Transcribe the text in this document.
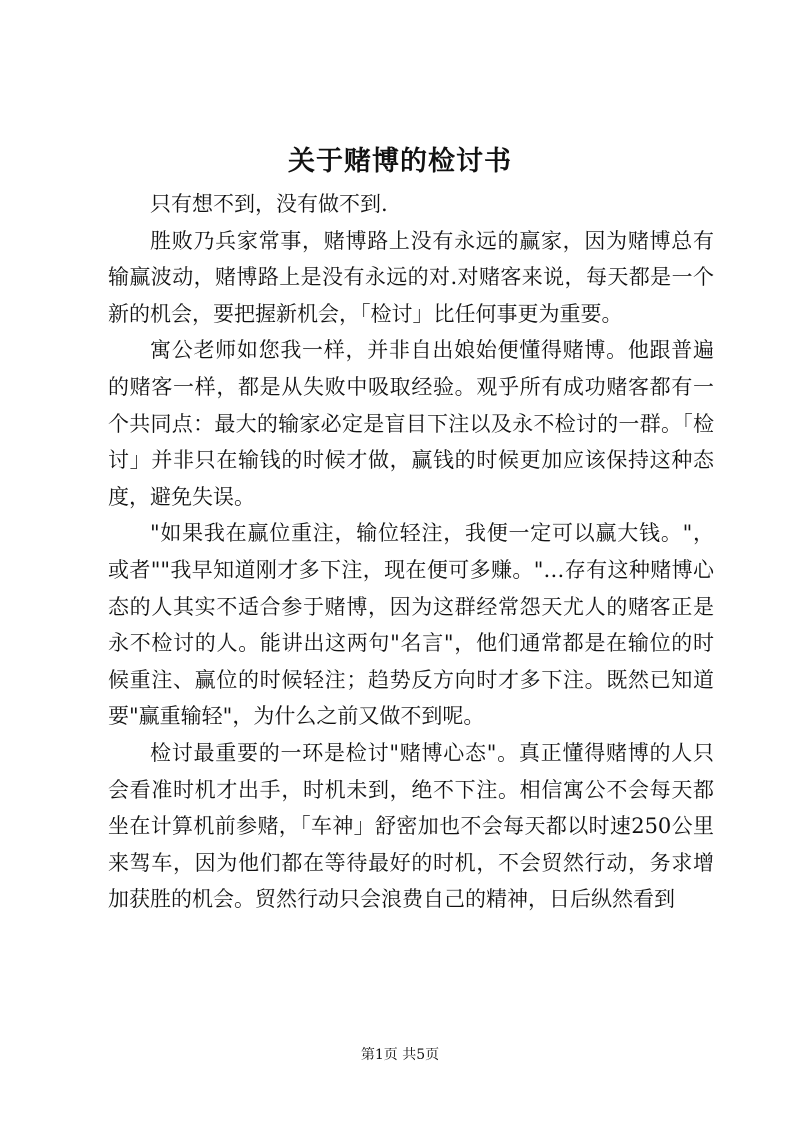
关于赌博的检讨书

只有想不到，没有做不到.

胜败乃兵家常事，赌博路上没有永远的赢家，因为赌博总有输赢波动，赌博路上是没有永远的对.对赌客来说，每天都是一个新的机会，要把握新机会，「检讨」比任何事更为重要。

寓公老师如您我一样，并非自出娘始便懂得赌博。他跟普遍的赌客一样，都是从失败中吸取经验。观乎所有成功赌客都有一个共同点：最大的输家必定是盲目下注以及永不检讨的一群。「检讨」并非只在输钱的时候才做，赢钱的时候更加应该保持这种态度，避免失误。

"如果我在赢位重注，输位轻注，我便一定可以赢大钱。"，或者""我早知道刚才多下注，现在便可多赚。"…存有这种赌博心态的人其实不适合参于赌博，因为这群经常怨天尤人的赌客正是永不检讨的人。能讲出这两句"名言"，他们通常都是在输位的时候重注、赢位的时候轻注；趋势反方向时才多下注。既然已知道要"赢重输轻"，为什么之前又做不到呢。

检讨最重要的一环是检讨"赌博心态"。真正懂得赌博的人只会看准时机才出手，时机未到，绝不下注。相信寓公不会每天都坐在计算机前参赌，「车神」舒密加也不会每天都以时速250公里来驾车，因为他们都在等待最好的时机，不会贸然行动，务求增加获胜的机会。贸然行动只会浪费自己的精神，日后纵然看到

第1页 共5页
